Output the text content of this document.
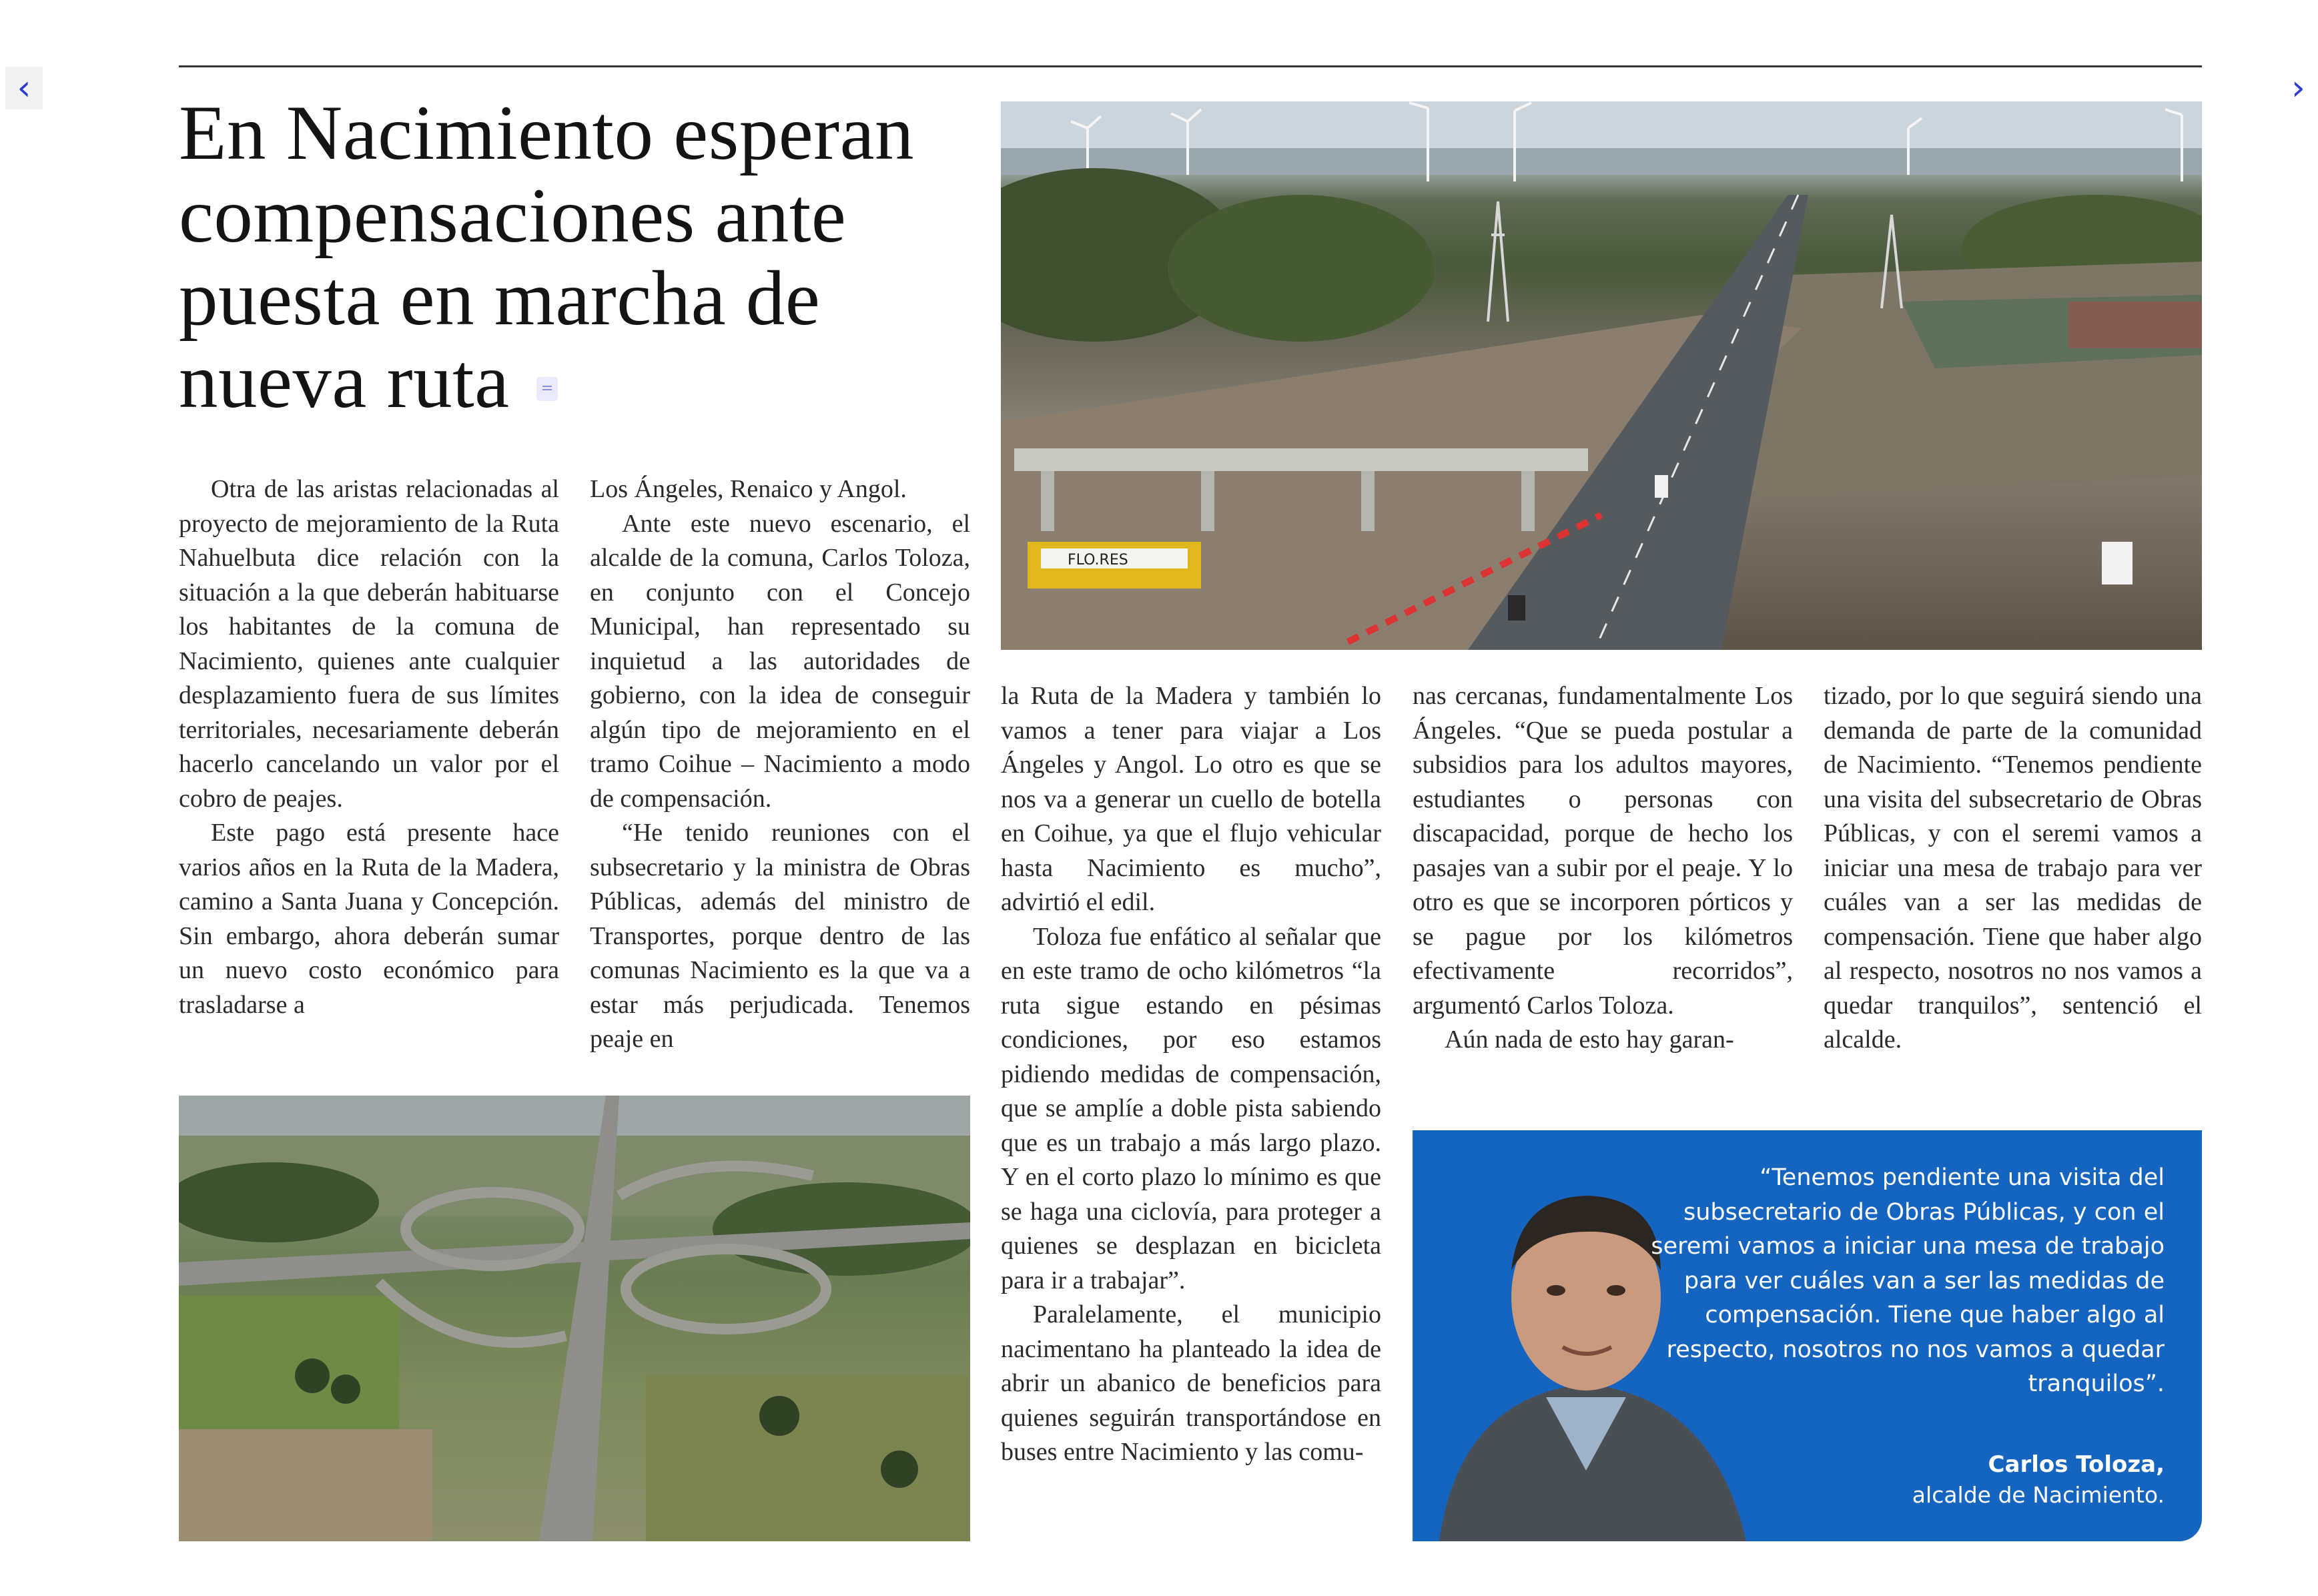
‹	›
En Nacimiento esperan compensaciones ante puesta en marcha de nueva ruta
FLO.RES

Otra de las aristas relacionadas al proyecto de mejoramiento de la Ruta Nahuelbuta dice relación con la situación a la que deberán habituarse los habitantes de la comuna de Nacimiento, quienes ante cualquier desplazamiento fuera de sus límites territoriales, necesariamente deberán hacerlo cancelando un valor por el cobro de peajes.

Este pago está presente hace varios años en la Ruta de la Madera, camino a Santa Juana y Concepción. Sin embargo, ahora deberán sumar un nuevo costo económico para trasladarse a

Los Ángeles, Renaico y Angol.

Ante este nuevo escenario, el alcalde de la comuna, Carlos Toloza, en conjunto con el Concejo Municipal, han representado su inquietud a las autoridades de gobierno, con la idea de conseguir algún tipo de mejoramiento en el tramo Coihue – Nacimiento a modo de compensación.

“He tenido reuniones con el subsecretario y la ministra de Obras Públicas, además del ministro de Transportes, porque dentro de las comunas Nacimiento es la que va a estar más perjudicada. Tenemos peaje en

la Ruta de la Madera y también lo vamos a tener para viajar a Los Ángeles y Angol. Lo otro es que se nos va a generar un cuello de botella en Coihue, ya que el flujo vehicular hasta Nacimiento es mucho”, advirtió el edil.

Toloza fue enfático al señalar que en este tramo de ocho kilómetros “la ruta sigue estando en pésimas condiciones, por eso estamos pidiendo medidas de compensación, que se amplíe a doble pista sabiendo que es un trabajo a más largo plazo. Y en el corto plazo lo mínimo es que se haga una ciclovía, para proteger a quienes se desplazan en bicicleta para ir a trabajar”.

Paralelamente, el municipio nacimentano ha planteado la idea de abrir un abanico de beneficios para quienes seguirán transportándose en buses entre Nacimiento y las comu-

nas cercanas, fundamentalmente Los Ángeles. “Que se pueda postular a subsidios para los adultos mayores, estudiantes o personas con discapacidad, porque de hecho los pasajes van a subir por el peaje. Y lo otro es que se incorporen pórticos y se pague por los kilómetros efectivamente recorridos”, argumentó Carlos Toloza.

Aún nada de esto hay garan-

tizado, por lo que seguirá siendo una demanda de parte de la comunidad de Nacimiento. “Tenemos pendiente una visita del subsecretario de Obras Públicas, y con el seremi vamos a iniciar una mesa de trabajo para ver cuáles van a ser las medidas de compensación. Tiene que haber algo al respecto, nosotros no nos vamos a quedar tranquilos”, sentenció el alcalde.

“Tenemos pendiente una visita del subsecretario de Obras Públicas, y con el seremi vamos a iniciar una mesa de trabajo para ver cuáles van a ser las medidas de compensación. Tiene que haber algo al respecto, nosotros no nos vamos a quedar tranquilos”.
Carlos Toloza,
alcalde de Nacimiento.
